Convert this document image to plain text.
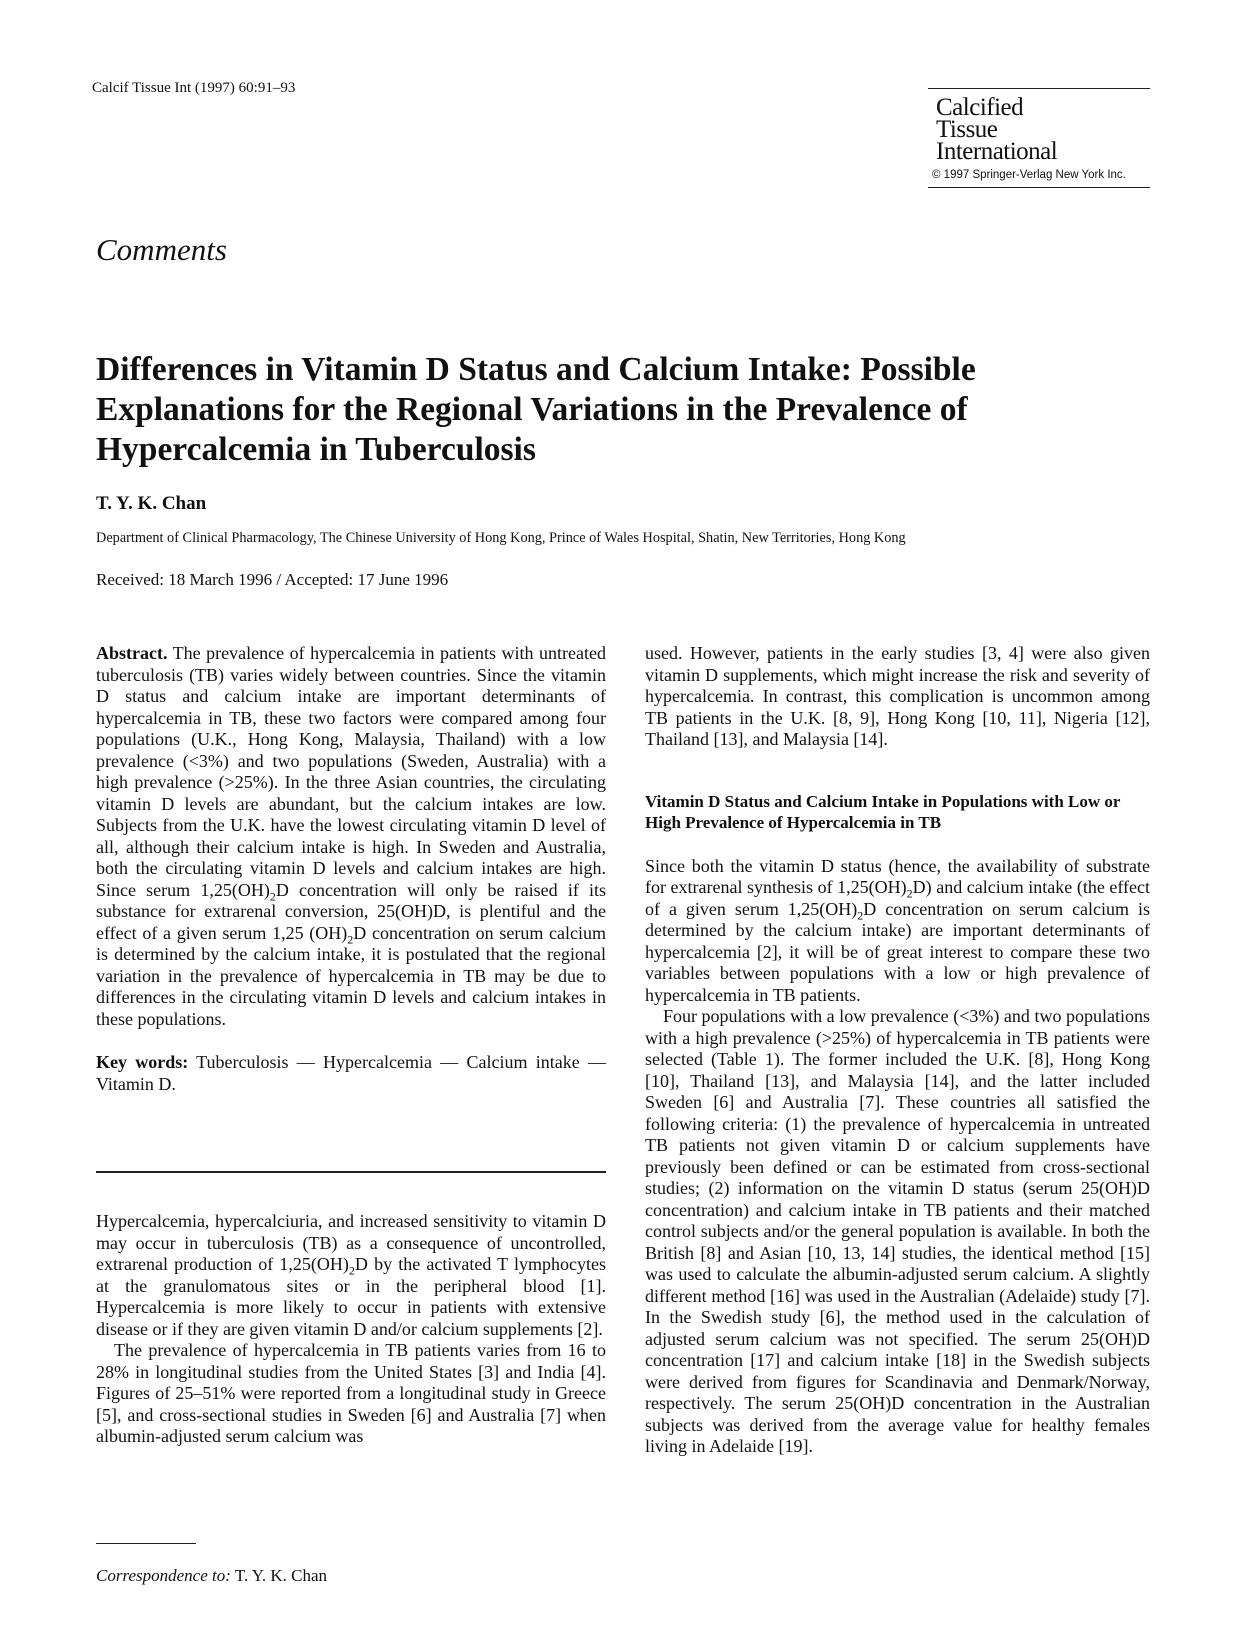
Calcif Tissue Int (1997) 60:91–93
Calcified
Tissue
International
© 1997 Springer-Verlag New York Inc.
Comments
Differences in Vitamin D Status and Calcium Intake: Possible Explanations for the Regional Variations in the Prevalence of Hypercalcemia in Tuberculosis
T. Y. K. Chan
Department of Clinical Pharmacology, The Chinese University of Hong Kong, Prince of Wales Hospital, Shatin, New Territories, Hong Kong
Received: 18 March 1996 / Accepted: 17 June 1996

Abstract. The prevalence of hypercalcemia in patients with untreated tuberculosis (TB) varies widely between countries. Since the vitamin D status and calcium intake are important determinants of hypercalcemia in TB, these two factors were compared among four populations (U.K., Hong Kong, Malaysia, Thailand) with a low prevalence (<3%) and two populations (Sweden, Australia) with a high prevalence (>25%). In the three Asian countries, the circulating vitamin D levels are abundant, but the calcium intakes are low. Subjects from the U.K. have the lowest circulating vitamin D level of all, although their calcium intake is high. In Sweden and Australia, both the circulating vitamin D levels and calcium intakes are high. Since serum $1,25(OH)_2D$ concentration will only be raised if its substance for extrarenal conversion, 25(OH)D, is plentiful and the effect of a given serum 1,25 $(OH)_2D$ concentration on serum calcium is determined by the calcium intake, it is postulated that the regional variation in the prevalence of hypercalcemia in TB may be due to differences in the circulating vitamin D levels and calcium intakes in these populations.

Key words: Tuberculosis — Hypercalcemia — Calcium intake — Vitamin D.

Hypercalcemia, hypercalciuria, and increased sensitivity to vitamin D may occur in tuberculosis (TB) as a consequence of uncontrolled, extrarenal production of $1,25(OH)_2D$ by the activated T lymphocytes at the granulomatous sites or in the peripheral blood [1]. Hypercalcemia is more likely to occur in patients with extensive disease or if they are given vitamin D and/or calcium supplements [2].

The prevalence of hypercalcemia in TB patients varies from 16 to 28% in longitudinal studies from the United States [3] and India [4]. Figures of 25–51% were reported from a longitudinal study in Greece [5], and cross-sectional studies in Sweden [6] and Australia [7] when albumin-adjusted serum calcium was

Correspondence to: T. Y. K. Chan

used. However, patients in the early studies [3, 4] were also given vitamin D supplements, which might increase the risk and severity of hypercalcemia. In contrast, this complication is uncommon among TB patients in the U.K. [8, 9], Hong Kong [10, 11], Nigeria [12], Thailand [13], and Malaysia [14].

Vitamin D Status and Calcium Intake in Populations with Low or High Prevalence of Hypercalcemia in TB

Since both the vitamin D status (hence, the availability of substrate for extrarenal synthesis of $1,25(OH)_2D$) and calcium intake (the effect of a given serum $1,25(OH)_2D$ concentration on serum calcium is determined by the calcium intake) are important determinants of hypercalcemia [2], it will be of great interest to compare these two variables between populations with a low or high prevalence of hypercalcemia in TB patients.

Four populations with a low prevalence (<3%) and two populations with a high prevalence (>25%) of hypercalcemia in TB patients were selected (Table 1). The former included the U.K. [8], Hong Kong [10], Thailand [13], and Malaysia [14], and the latter included Sweden [6] and Australia [7]. These countries all satisfied the following criteria: (1) the prevalence of hypercalcemia in untreated TB patients not given vitamin D or calcium supplements have previously been defined or can be estimated from cross-sectional studies; (2) information on the vitamin D status (serum 25(OH)D concentration) and calcium intake in TB patients and their matched control subjects and/or the general population is available. In both the British [8] and Asian [10, 13, 14] studies, the identical method [15] was used to calculate the albumin-adjusted serum calcium. A slightly different method [16] was used in the Australian (Adelaide) study [7]. In the Swedish study [6], the method used in the calculation of adjusted serum calcium was not specified. The serum 25(OH)D concentration [17] and calcium intake [18] in the Swedish subjects were derived from figures for Scandinavia and Denmark/Norway, respectively. The serum 25(OH)D concentration in the Australian subjects was derived from the average value for healthy females living in Adelaide [19].
